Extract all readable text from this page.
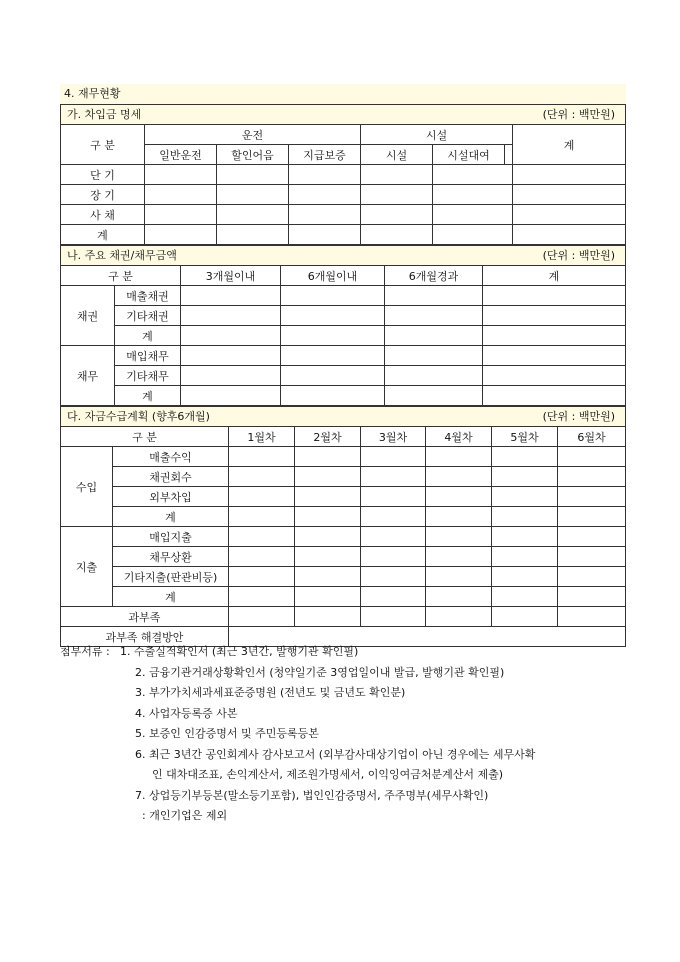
4. 재무현황
가. 차입금 명세	(단위 : 백만원)
구 분	운전			시설			계
	일반운전	할인어음	지급보증	시설	시설대여		
단 기							
장 기							
사 채							
계							
나. 주요 채권/채무금액	(단위 : 백만원)
구 분		3개월이내	6개월이내	6개월경과	계
채권	매출채권				
	기타채권				
	계				
채무	매입채무				
	기타채무				
	계				
다. 자금수급계획 (향후6개월)	(단위 : 백만원)
구 분		1월차	2월차	3월차	4월차	5월차	6월차
수입	매출수익						
	채권회수						
	외부차입						
	계						
지출	매입지출						
	채무상환						
	기타지출(판관비등)						
	계						
과부족							
과부족 해결방안							
첨부서류 : 1. 수출실적확인서 (최근 3년간, 발행기관 확인필)
2. 금융기관거래상황확인서 (청약일기준 3영업일이내 발급, 발행기관 확인필)
3. 부가가치세과세표준증명원 (전년도 및 금년도 확인분)
4. 사업자등록증 사본
5. 보증인 인감증명서 및 주민등록등본
6. 최근 3년간 공인회계사 감사보고서 (외부감사대상기업이 아닌 경우에는 세무사확
인 대차대조표, 손익계산서, 제조원가명세서, 이익잉여금처분계산서 제출)
7. 상업등기부등본(말소등기포함), 법인인감증명서, 주주명부(세무사확인)
: 개인기업은 제외
